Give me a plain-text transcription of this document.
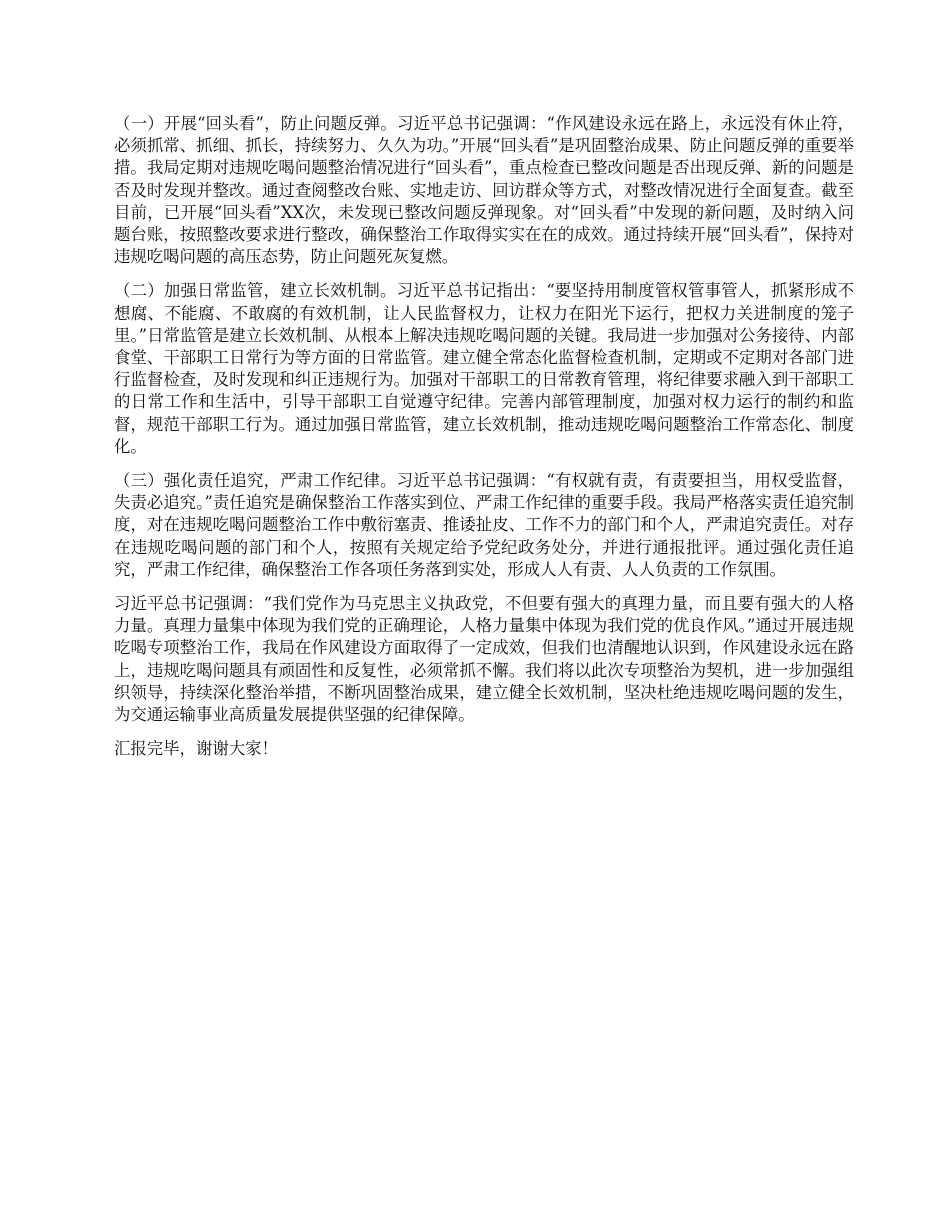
（一）开展“回头看”，防止问题反弹。习近平总书记强调：“作风建设永远在路上，永远没有休止符，必须抓常、抓细、抓长，持续努力、久久为功。”开展“回头看”是巩固整治成果、防止问题反弹的重要举措。我局定期对违规吃喝问题整治情况进行“回头看”，重点检查已整改问题是否出现反弹、新的问题是否及时发现并整改。通过查阅整改台账、实地走访、回访群众等方式，对整改情况进行全面复查。截至目前，已开展“回头看”XX次，未发现已整改问题反弹现象。对“回头看”中发现的新问题，及时纳入问题台账，按照整改要求进行整改，确保整治工作取得实实在在的成效。通过持续开展“回头看”，保持对违规吃喝问题的高压态势，防止问题死灰复燃。

（二）加强日常监管，建立长效机制。习近平总书记指出：“要坚持用制度管权管事管人，抓紧形成不想腐、不能腐、不敢腐的有效机制，让人民监督权力，让权力在阳光下运行，把权力关进制度的笼子里。”日常监管是建立长效机制、从根本上解决违规吃喝问题的关键。我局进一步加强对公务接待、内部食堂、干部职工日常行为等方面的日常监管。建立健全常态化监督检查机制，定期或不定期对各部门进行监督检查，及时发现和纠正违规行为。加强对干部职工的日常教育管理，将纪律要求融入到干部职工的日常工作和生活中，引导干部职工自觉遵守纪律。完善内部管理制度，加强对权力运行的制约和监督，规范干部职工行为。通过加强日常监管，建立长效机制，推动违规吃喝问题整治工作常态化、制度化。

（三）强化责任追究，严肃工作纪律。习近平总书记强调：“有权就有责，有责要担当，用权受监督，失责必追究。”责任追究是确保整治工作落实到位、严肃工作纪律的重要手段。我局严格落实责任追究制度，对在违规吃喝问题整治工作中敷衍塞责、推诿扯皮、工作不力的部门和个人，严肃追究责任。对存在违规吃喝问题的部门和个人，按照有关规定给予党纪政务处分，并进行通报批评。通过强化责任追究，严肃工作纪律，确保整治工作各项任务落到实处，形成人人有责、人人负责的工作氛围。

习近平总书记强调：“我们党作为马克思主义执政党，不但要有强大的真理力量，而且要有强大的人格力量。真理力量集中体现为我们党的正确理论，人格力量集中体现为我们党的优良作风。”通过开展违规吃喝专项整治工作，我局在作风建设方面取得了一定成效，但我们也清醒地认识到，作风建设永远在路上，违规吃喝问题具有顽固性和反复性，必须常抓不懈。我们将以此次专项整治为契机，进一步加强组织领导，持续深化整治举措，不断巩固整治成果，建立健全长效机制，坚决杜绝违规吃喝问题的发生，为交通运输事业高质量发展提供坚强的纪律保障。

汇报完毕，谢谢大家！
